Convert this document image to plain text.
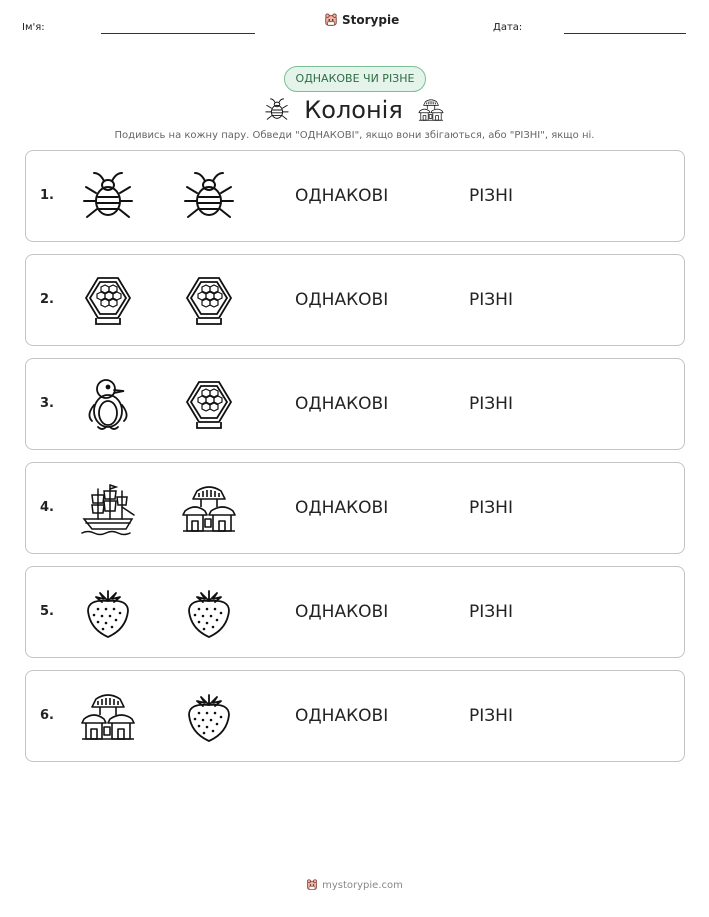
Ім'я:
Storypie
Дата:
ОДНАКОВЕ ЧИ РІЗНЕ
Колонія
Подивись на кожну пару. Обведи "ОДНАКОВІ", якщо вони збігаються, або "РІЗНІ", якщо ні.
1.	ОДНАКОВІ	РІЗНІ
2.	ОДНАКОВІ	РІЗНІ
3.	ОДНАКОВІ	РІЗНІ
4.	ОДНАКОВІ	РІЗНІ
5.	ОДНАКОВІ	РІЗНІ
6.	ОДНАКОВІ	РІЗНІ
mystorypie.com
